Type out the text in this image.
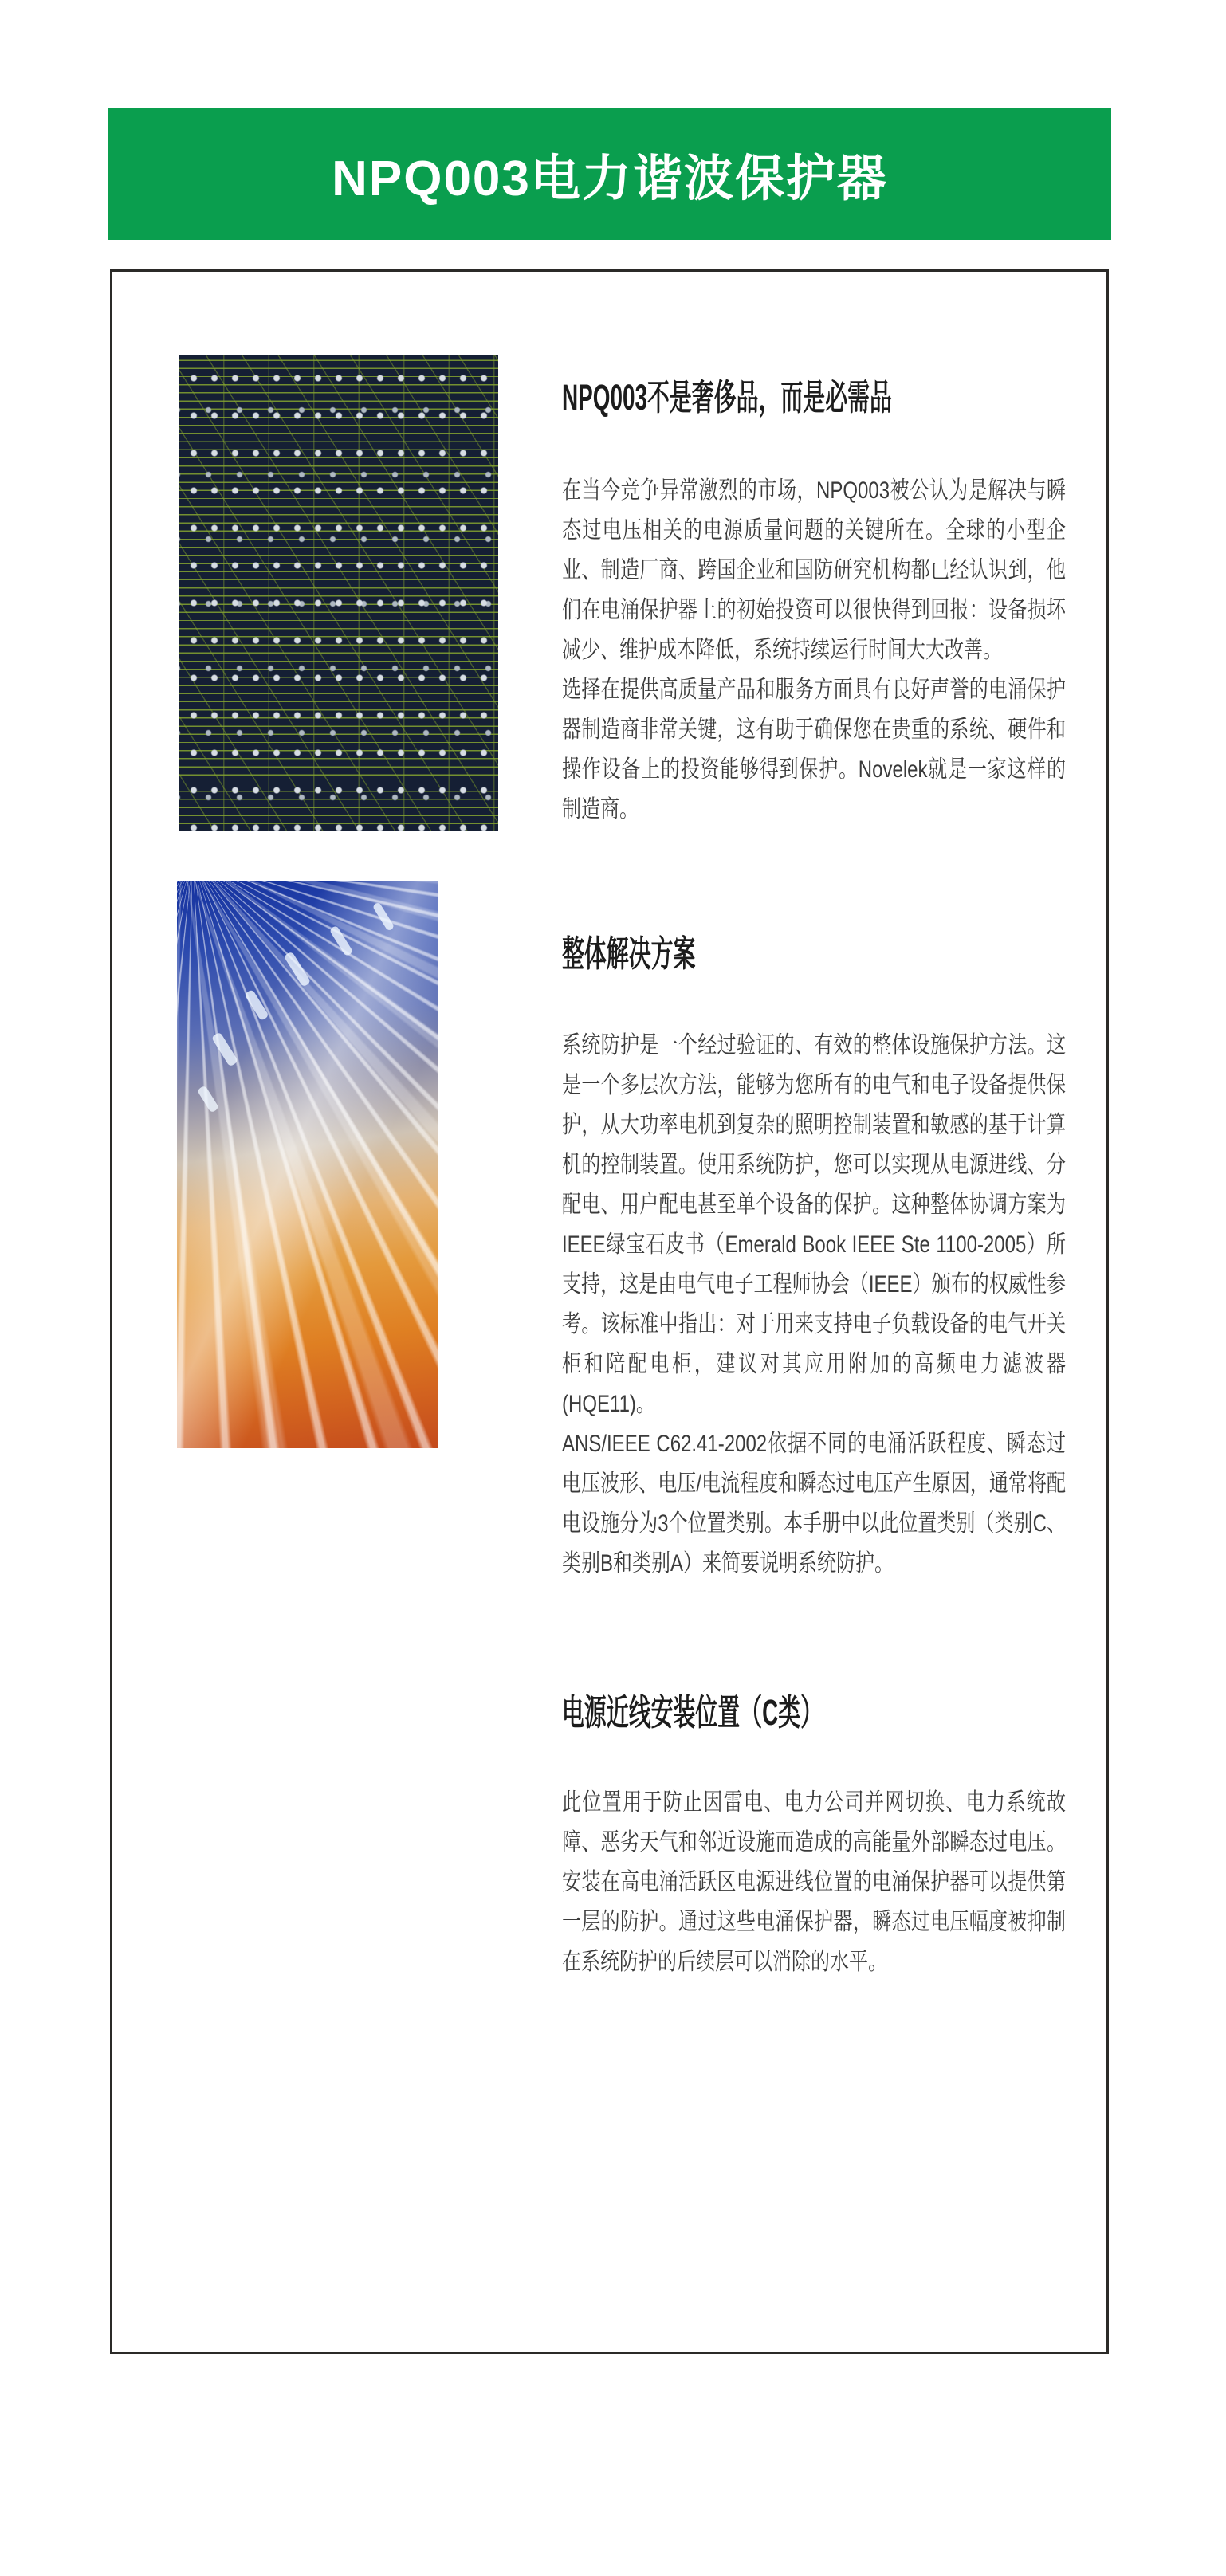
NPQ003电力谐波保护器
NPQ003不是奢侈品，而是必需品

在当今竞争异常激烈的市场，NPQ003被公认为是解决与瞬态过电压相关的电源质量问题的关键所在。全球的小型企业、制造厂商、跨国企业和国防研究机构都已经认识到，他们在电涌保护器上的初始投资可以很快得到回报：设备损坏减少、维护成本降低，系统持续运行时间大大改善。

选择在提供高质量产品和服务方面具有良好声誉的电涌保护器制造商非常关键，这有助于确保您在贵重的系统、硬件和操作设备上的投资能够得到保护。Novelek就是一家这样的制造商。

整体解决方案

系统防护是一个经过验证的、有效的整体设施保护方法。这是一个多层次方法，能够为您所有的电气和电子设备提供保护，从大功率电机到复杂的照明控制装置和敏感的基于计算机的控制装置。使用系统防护，您可以实现从电源进线、分配电、用户配电甚至单个设备的保护。这种整体协调方案为IEEE绿宝石皮书（Emerald Book IEEE Ste 1100-2005）所支持，这是由电气电子工程师协会（IEEE）颁布的权威性参考。该标准中指出：对于用来支持电子负载设备的电气开关柜和陪配电柜，建议对其应用附加的高频电力滤波器(HQE11)。

ANS/IEEE C62.41-2002依据不同的电涌活跃程度、瞬态过电压波形、电压/电流程度和瞬态过电压产生原因，通常将配电设施分为3个位置类别。本手册中以此位置类别（类别C、类别B和类别A）来简要说明系统防护。

电源近线安装位置（C类）

此位置用于防止因雷电、电力公司并网切换、电力系统故障、恶劣天气和邻近设施而造成的高能量外部瞬态过电压。安装在高电涌活跃区电源进线位置的电涌保护器可以提供第一层的防护。通过这些电涌保护器，瞬态过电压幅度被抑制在系统防护的后续层可以消除的水平。
